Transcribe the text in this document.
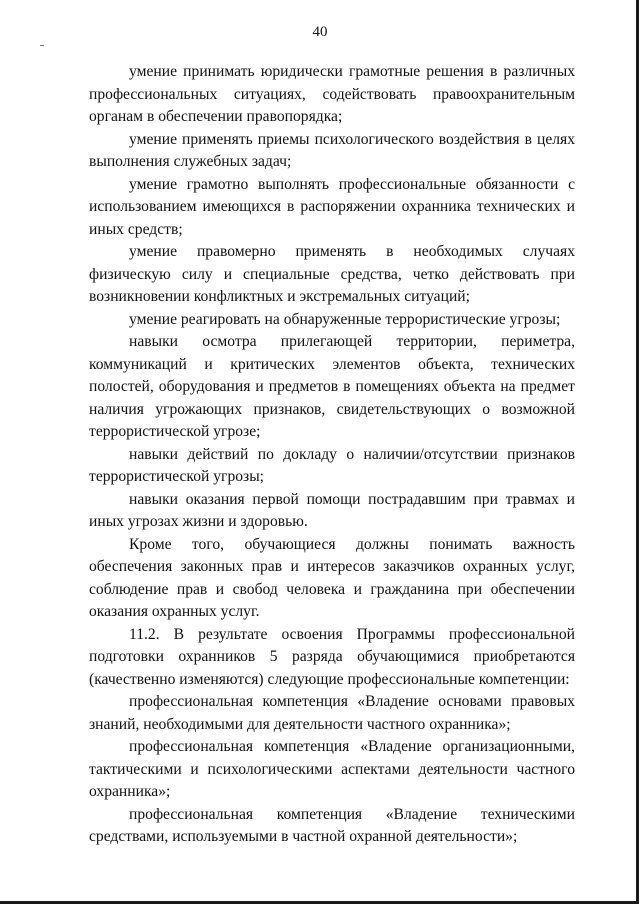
40

умение принимать юридически грамотные решения в различных профессиональных ситуациях, содействовать правоохранительным органам в обеспечении правопорядка;

умение применять приемы психологического воздействия в целях выполнения служебных задач;

умение грамотно выполнять профессиональные обязанности с использованием имеющихся в распоряжении охранника технических и иных средств;

умение правомерно применять в необходимых случаях физическую силу и специальные средства, четко действовать при возникновении конфликтных и экстремальных ситуаций;

умение реагировать на обнаруженные террористические угрозы;

навыки осмотра прилегающей территории, периметра, коммуникаций и критических элементов объекта, технических полостей, оборудования и предметов в помещениях объекта на предмет наличия угрожающих признаков, свидетельствующих о возможной террористической угрозе;

навыки действий по докладу о наличии/отсутствии признаков террористической угрозы;

навыки оказания первой помощи пострадавшим при травмах и иных угрозах жизни и здоровью.

Кроме того, обучающиеся должны понимать важность обеспечения законных прав и интересов заказчиков охранных услуг, соблюдение прав и свобод человека и гражданина при обеспечении оказания охранных услуг.

11.2. В результате освоения Программы профессиональной подготовки охранников 5 разряда обучающимися приобретаются (качественно изменяются) следующие профессиональные компетенции:

профессиональная компетенция «Владение основами правовых знаний, необходимыми для деятельности частного охранника»;

профессиональная компетенция «Владение организационными, тактическими и психологическими аспектами деятельности частного охранника»;

профессиональная компетенция «Владение техническими средствами, используемыми в частной охранной деятельности»;
